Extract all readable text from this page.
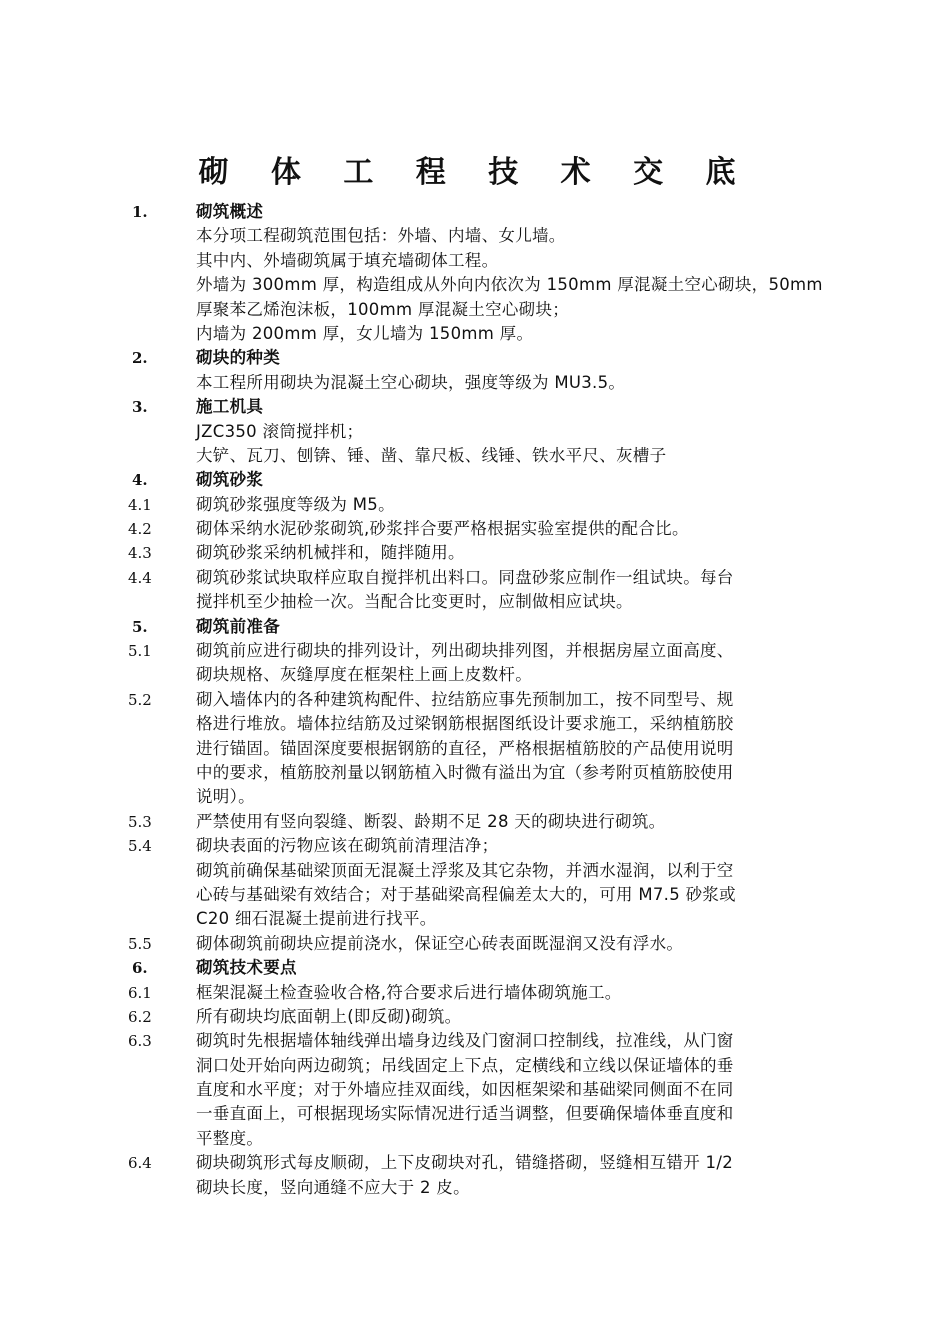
砌 体 工 程 技 术 交 底
1.	砌筑概述
本分项工程砌筑范围包括：外墙、内墙、女儿墙。
其中内、外墙砌筑属于填充墙砌体工程。
外墙为 300mm 厚，构造组成从外向内依次为 150mm 厚混凝土空心砌块，50mm
厚聚苯乙烯泡沫板，100mm 厚混凝土空心砌块；
内墙为 200mm 厚，女儿墙为 150mm 厚。
2.	砌块的种类
本工程所用砌块为混凝土空心砌块，强度等级为 MU3.5。
3.	施工机具
JZC350 滚筒搅拌机；
大铲、瓦刀、刨锛、锤、凿、靠尺板、线锤、铁水平尺、灰槽子
4.	砌筑砂浆
4.1	砌筑砂浆强度等级为 M5。
4.2	砌体采纳水泥砂浆砌筑,砂浆拌合要严格根据实验室提供的配合比。
4.3	砌筑砂浆采纳机械拌和，随拌随用。
4.4	砌筑砂浆试块取样应取自搅拌机出料口。同盘砂浆应制作一组试块。每台
搅拌机至少抽检一次。当配合比变更时，应制做相应试块。
5.	砌筑前准备
5.1	砌筑前应进行砌块的排列设计，列出砌块排列图，并根据房屋立面高度、
砌块规格、灰缝厚度在框架柱上画上皮数杆。
5.2	砌入墙体内的各种建筑构配件、拉结筋应事先预制加工，按不同型号、规
格进行堆放。墙体拉结筋及过梁钢筋根据图纸设计要求施工，采纳植筋胶
进行锚固。锚固深度要根据钢筋的直径，严格根据植筋胶的产品使用说明
中的要求，植筋胶剂量以钢筋植入时微有溢出为宜（参考附页植筋胶使用
说明）。
5.3	严禁使用有竖向裂缝、断裂、龄期不足 28 天的砌块进行砌筑。
5.4	砌块表面的污物应该在砌筑前清理洁净；
砌筑前确保基础梁顶面无混凝土浮浆及其它杂物，并洒水湿润，以利于空
心砖与基础梁有效结合；对于基础梁高程偏差太大的，可用 M7.5 砂浆或
C20 细石混凝土提前进行找平。
5.5	砌体砌筑前砌块应提前浇水，保证空心砖表面既湿润又没有浮水。
6.	砌筑技术要点
6.1	框架混凝土检查验收合格,符合要求后进行墙体砌筑施工。
6.2	所有砌块均底面朝上(即反砌)砌筑。
6.3	砌筑时先根据墙体轴线弹出墙身边线及门窗洞口控制线，拉准线，从门窗
洞口处开始向两边砌筑；吊线固定上下点，定横线和立线以保证墙体的垂
直度和水平度；对于外墙应挂双面线，如因框架梁和基础梁同侧面不在同
一垂直面上，可根据现场实际情况进行适当调整，但要确保墙体垂直度和
平整度。
6.4	砌块砌筑形式每皮顺砌，上下皮砌块对孔，错缝搭砌，竖缝相互错开 1/2
砌块长度，竖向通缝不应大于 2 皮。
